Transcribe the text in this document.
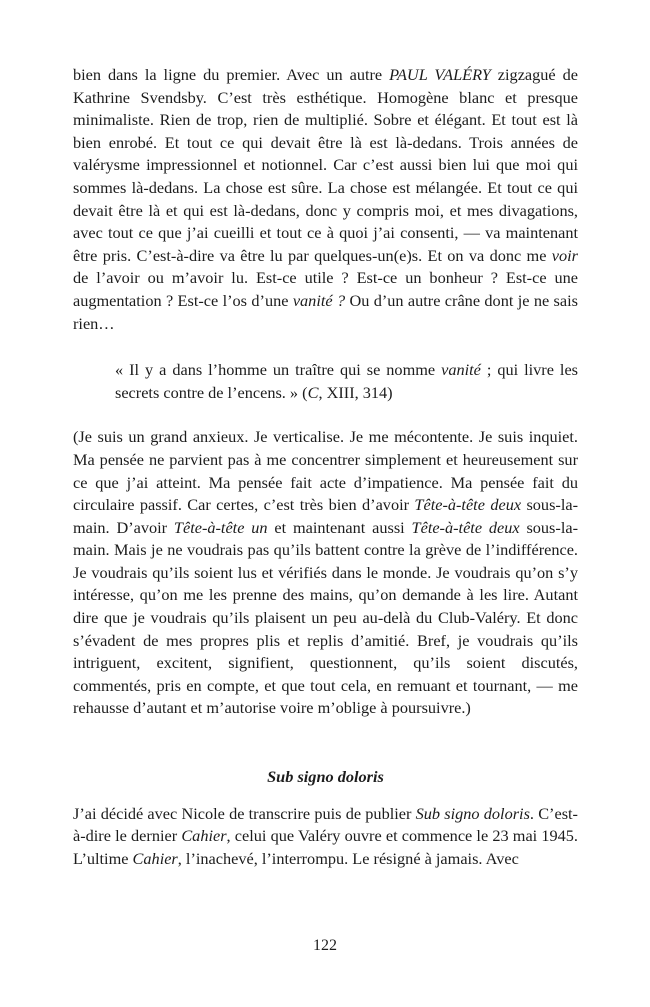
bien dans la ligne du premier. Avec un autre PAUL VALÉRY zigzagué de Kathrine Svendsby. C’est très esthétique. Homogène blanc et presque minimaliste. Rien de trop, rien de multiplié. Sobre et élégant. Et tout est là bien enrobé. Et tout ce qui devait être là est là-dedans. Trois années de valérysme impressionnel et notionnel. Car c’est aussi bien lui que moi qui sommes là-dedans. La chose est sûre. La chose est mélangée. Et tout ce qui devait être là et qui est là-dedans, donc y compris moi, et mes divagations, avec tout ce que j’ai cueilli et tout ce à quoi j’ai consenti, — va maintenant être pris. C’est-à-dire va être lu par quelques-un(e)s. Et on va donc me voir de l’avoir ou m’avoir lu. Est-ce utile ? Est-ce un bonheur ? Est-ce une augmentation ? Est-ce l’os d’une vanité ? Ou d’un autre crâne dont je ne sais rien…

« Il y a dans l’homme un traître qui se nomme vanité ; qui livre les secrets contre de l’encens. » (C, XIII, 314)

(Je suis un grand anxieux. Je verticalise. Je me mécontente. Je suis inquiet. Ma pensée ne parvient pas à me concentrer simplement et heureusement sur ce que j’ai atteint. Ma pensée fait acte d’impatience. Ma pensée fait du circulaire passif. Car certes, c’est très bien d’avoir Tête-à-tête deux sous-la-main. D’avoir Tête-à-tête un et maintenant aussi Tête-à-tête deux sous-la-main. Mais je ne voudrais pas qu’ils battent contre la grève de l’indifférence. Je voudrais qu’ils soient lus et vérifiés dans le monde. Je voudrais qu’on s’y intéresse, qu’on me les prenne des mains, qu’on demande à les lire. Autant dire que je voudrais qu’ils plaisent un peu au-delà du Club-Valéry. Et donc s’évadent de mes propres plis et replis d’amitié. Bref, je voudrais qu’ils intriguent, excitent, signifient, questionnent, qu’ils soient discutés, commentés, pris en compte, et que tout cela, en remuant et tournant, — me rehausse d’autant et m’autorise voire m’oblige à poursuivre.)

Sub signo doloris

J’ai décidé avec Nicole de transcrire puis de publier Sub signo doloris. C’est-à-dire le dernier Cahier, celui que Valéry ouvre et commence le 23 mai 1945. L’ultime Cahier, l’inachevé, l’interrompu. Le résigné à jamais. Avec

122
